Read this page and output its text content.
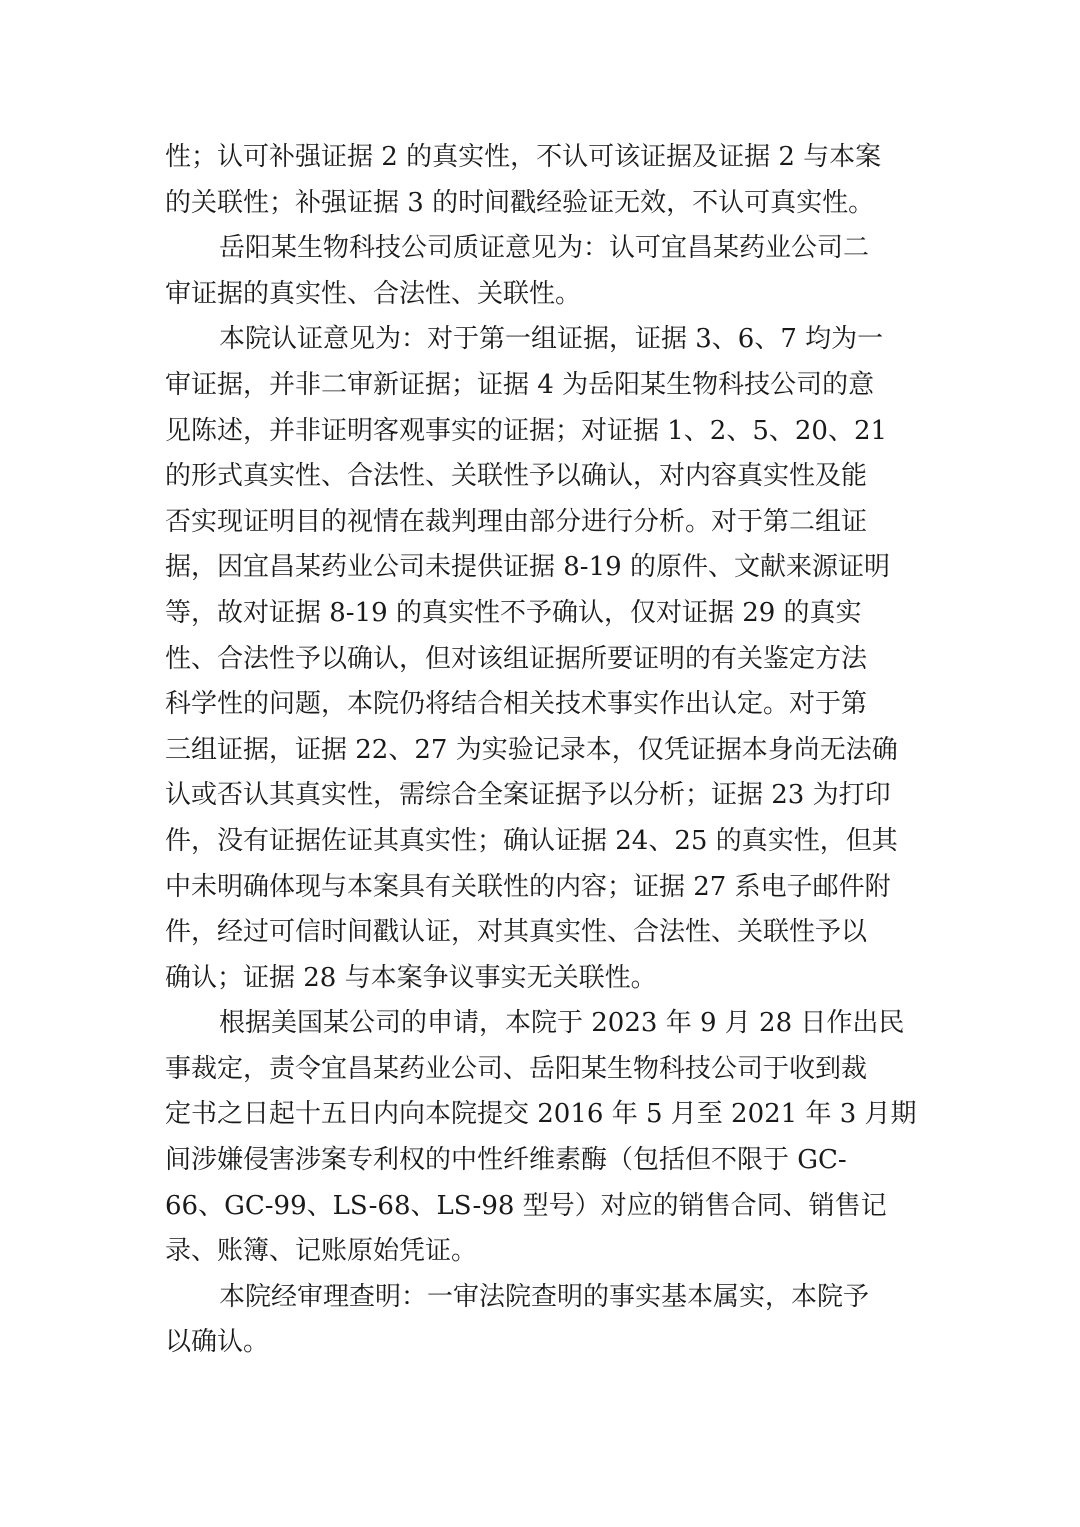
性；认可补强证据 2 的真实性，不认可该证据及证据 2 与本案
的关联性；补强证据 3 的时间戳经验证无效，不认可真实性。
岳阳某生物科技公司质证意见为：认可宜昌某药业公司二
审证据的真实性、合法性、关联性。
本院认证意见为：对于第一组证据，证据 3、6、7 均为一
审证据，并非二审新证据；证据 4 为岳阳某生物科技公司的意
见陈述，并非证明客观事实的证据；对证据 1、2、5、20、21
的形式真实性、合法性、关联性予以确认，对内容真实性及能
否实现证明目的视情在裁判理由部分进行分析。对于第二组证
据，因宜昌某药业公司未提供证据 8-19 的原件、文献来源证明
等，故对证据 8-19 的真实性不予确认，仅对证据 29 的真实
性、合法性予以确认，但对该组证据所要证明的有关鉴定方法
科学性的问题，本院仍将结合相关技术事实作出认定。对于第
三组证据，证据 22、27 为实验记录本，仅凭证据本身尚无法确
认或否认其真实性，需综合全案证据予以分析；证据 23 为打印
件，没有证据佐证其真实性；确认证据 24、25 的真实性，但其
中未明确体现与本案具有关联性的内容；证据 27 系电子邮件附
件，经过可信时间戳认证，对其真实性、合法性、关联性予以
确认；证据 28 与本案争议事实无关联性。
根据美国某公司的申请，本院于 2023 年 9 月 28 日作出民
事裁定，责令宜昌某药业公司、岳阳某生物科技公司于收到裁
定书之日起十五日内向本院提交 2016 年 5 月至 2021 年 3 月期
间涉嫌侵害涉案专利权的中性纤维素酶（包括但不限于 GC-
66、GC-99、LS-68、LS-98 型号）对应的销售合同、销售记
录、账簿、记账原始凭证。
本院经审理查明：一审法院查明的事实基本属实，本院予
以确认。
